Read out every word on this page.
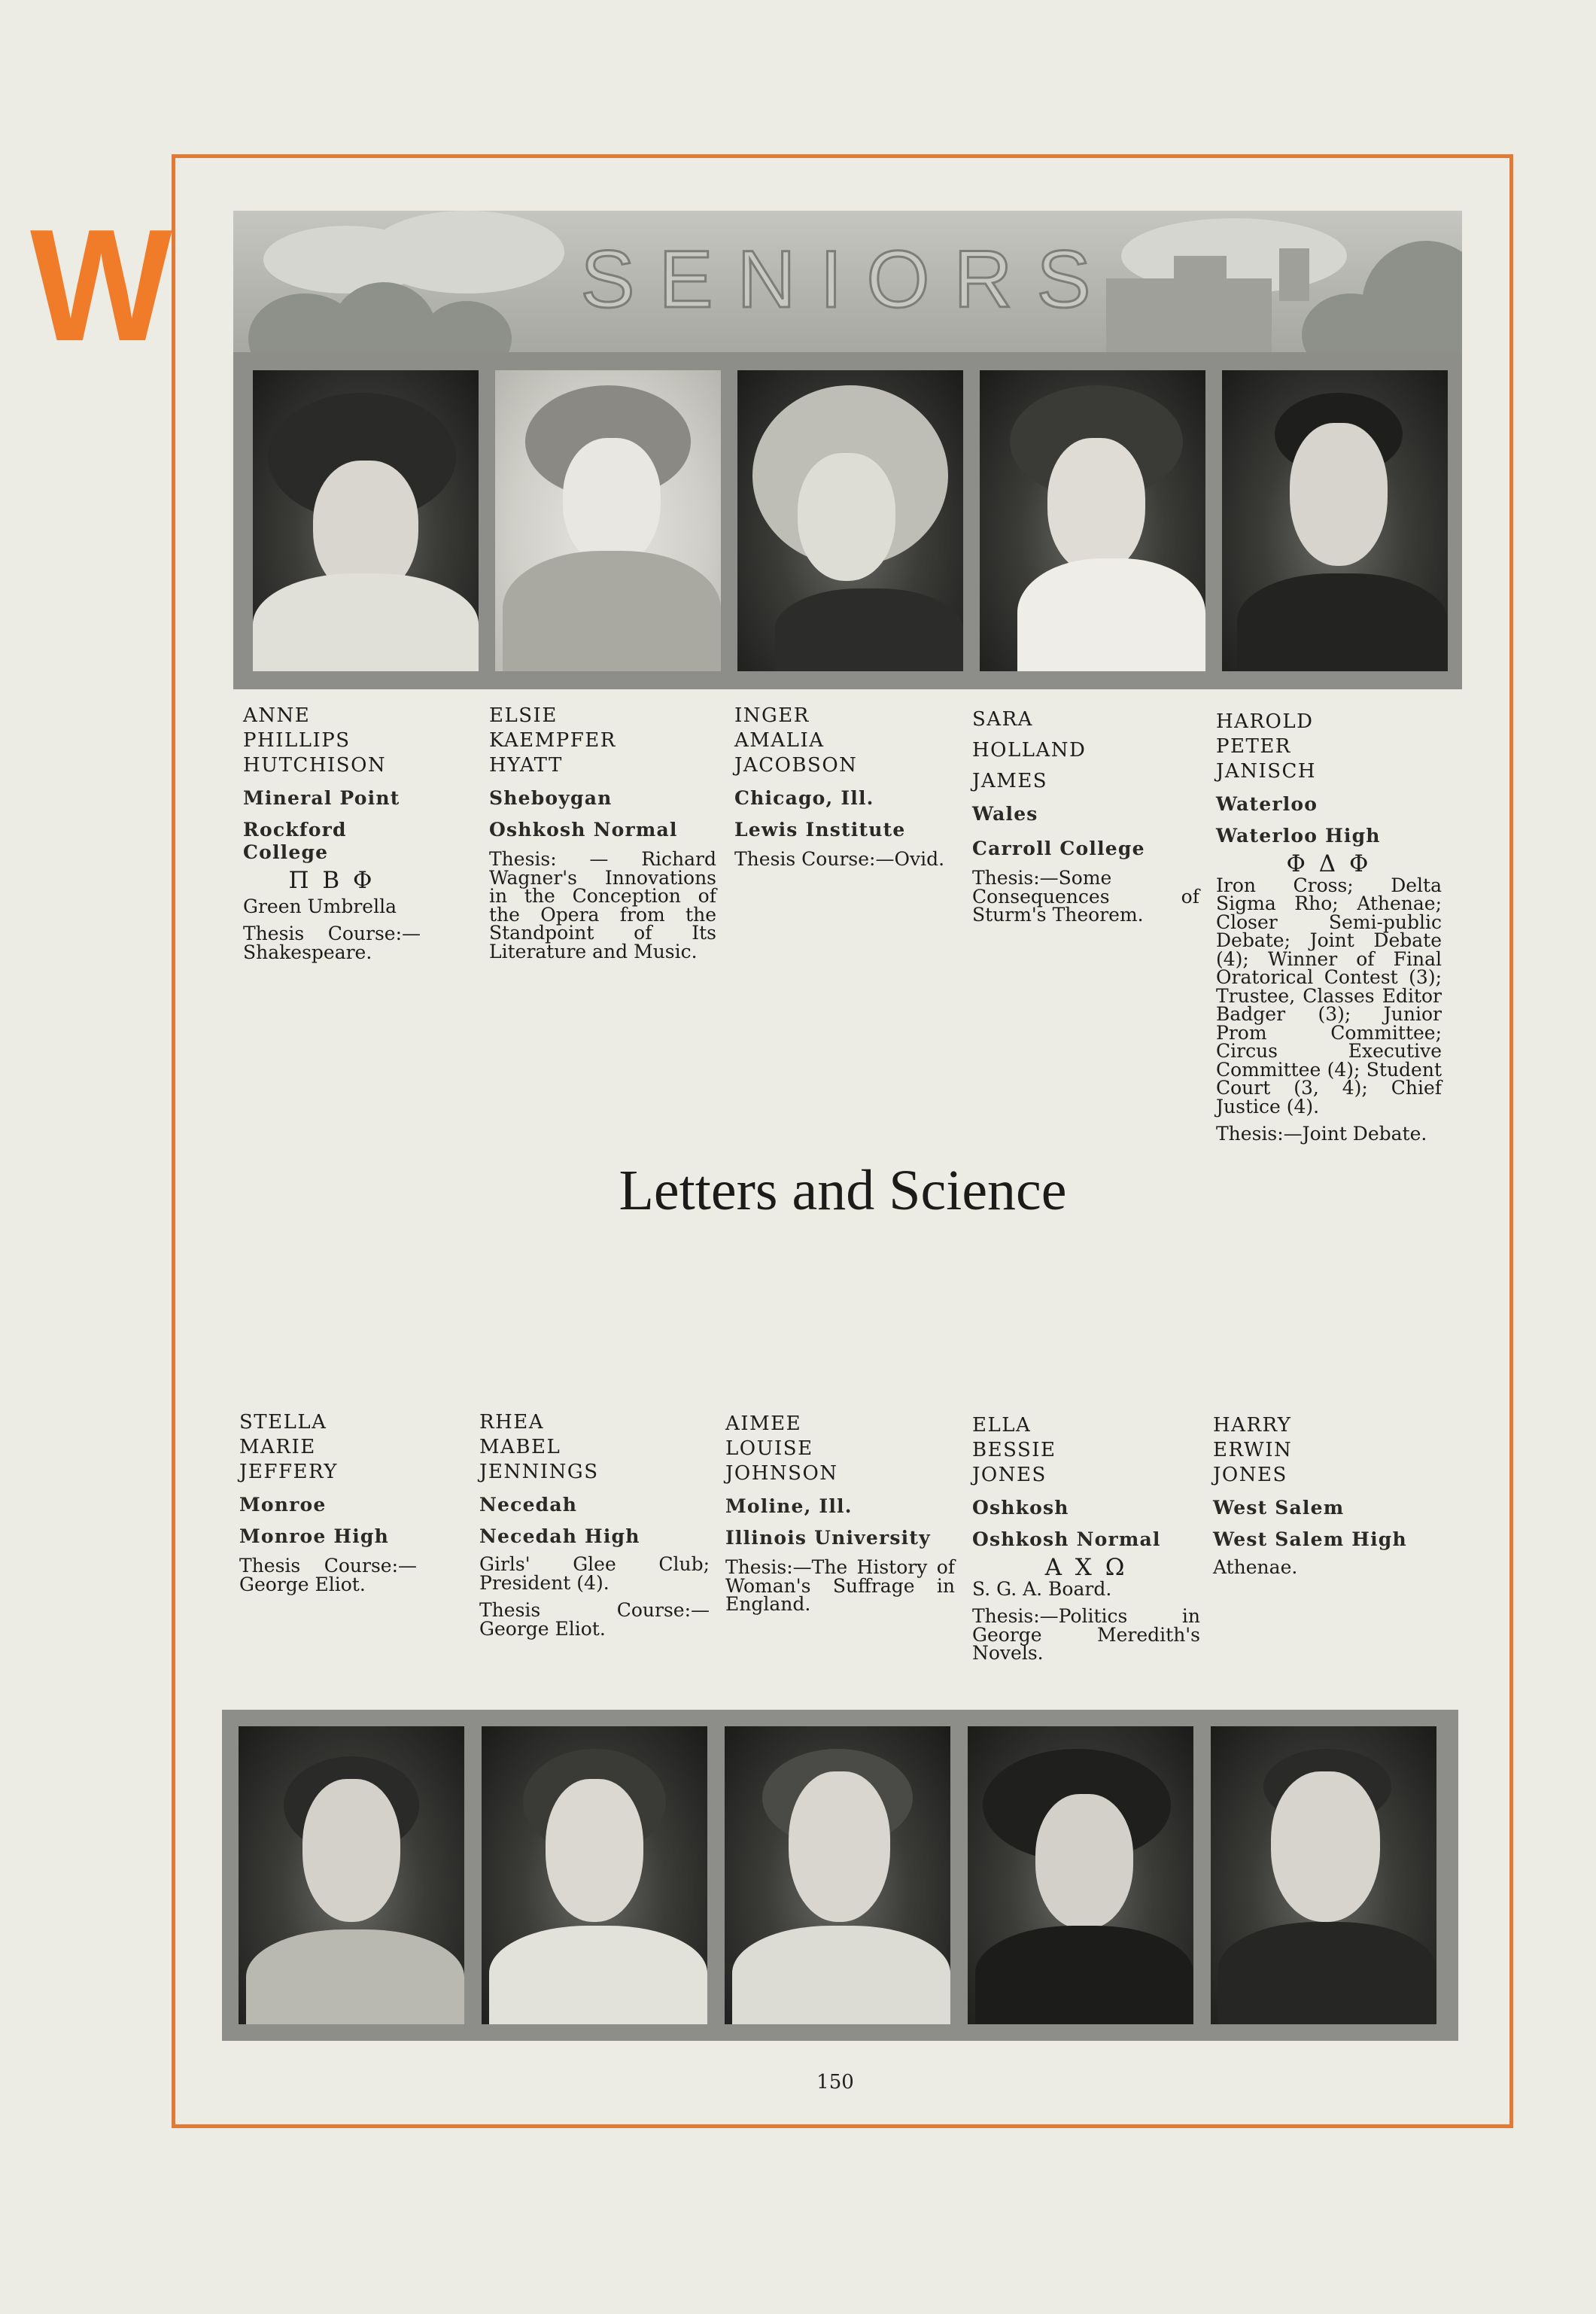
W	SENIORS
ANNE
PHILLIPS
HUTCHISON

Mineral Point

Rockford College

Π Β Φ

Green Umbrella

Thesis Course:— Shakespeare.

ELSIE
KAEMPFER
HYATT

Sheboygan

Oshkosh Normal

Thesis: — Richard Wagner's Innovations in the Conception of the Opera from the Standpoint of Its Literature and Music.

INGER
AMALIA
JACOBSON

Chicago, Ill.

Lewis Institute

Thesis Course:—Ovid.

SARA
HOLLAND
JAMES

Wales

Carroll College

Thesis:—Some Consequences of Sturm's Theorem.

HAROLD
PETER
JANISCH

Waterloo

Waterloo High

Φ Δ Φ

Iron Cross; Delta Sigma Rho; Athenae; Closer Semi-public Debate; Joint Debate (4); Winner of Final Oratorical Contest (3); Trustee, Classes Editor Badger (3); Junior Prom Committee; Circus Executive Committee (4); Student Court (3, 4); Chief Justice (4).

Thesis:—Joint Debate.

Letters and Science
STELLA
MARIE
JEFFERY

Monroe

Monroe High

Thesis Course:— George Eliot.

RHEA
MABEL
JENNINGS

Necedah

Necedah High

Girls' Glee Club; President (4).

Thesis Course:— George Eliot.

AIMEE
LOUISE
JOHNSON

Moline, Ill.

Illinois University

Thesis:—The History of Woman's Suffrage in England.

ELLA
BESSIE
JONES

Oshkosh

Oshkosh Normal

Α Χ Ω

S. G. A. Board.

Thesis:—Politics in George Meredith's Novels.

HARRY
ERWIN
JONES

West Salem

West Salem High

Athenae.

150
